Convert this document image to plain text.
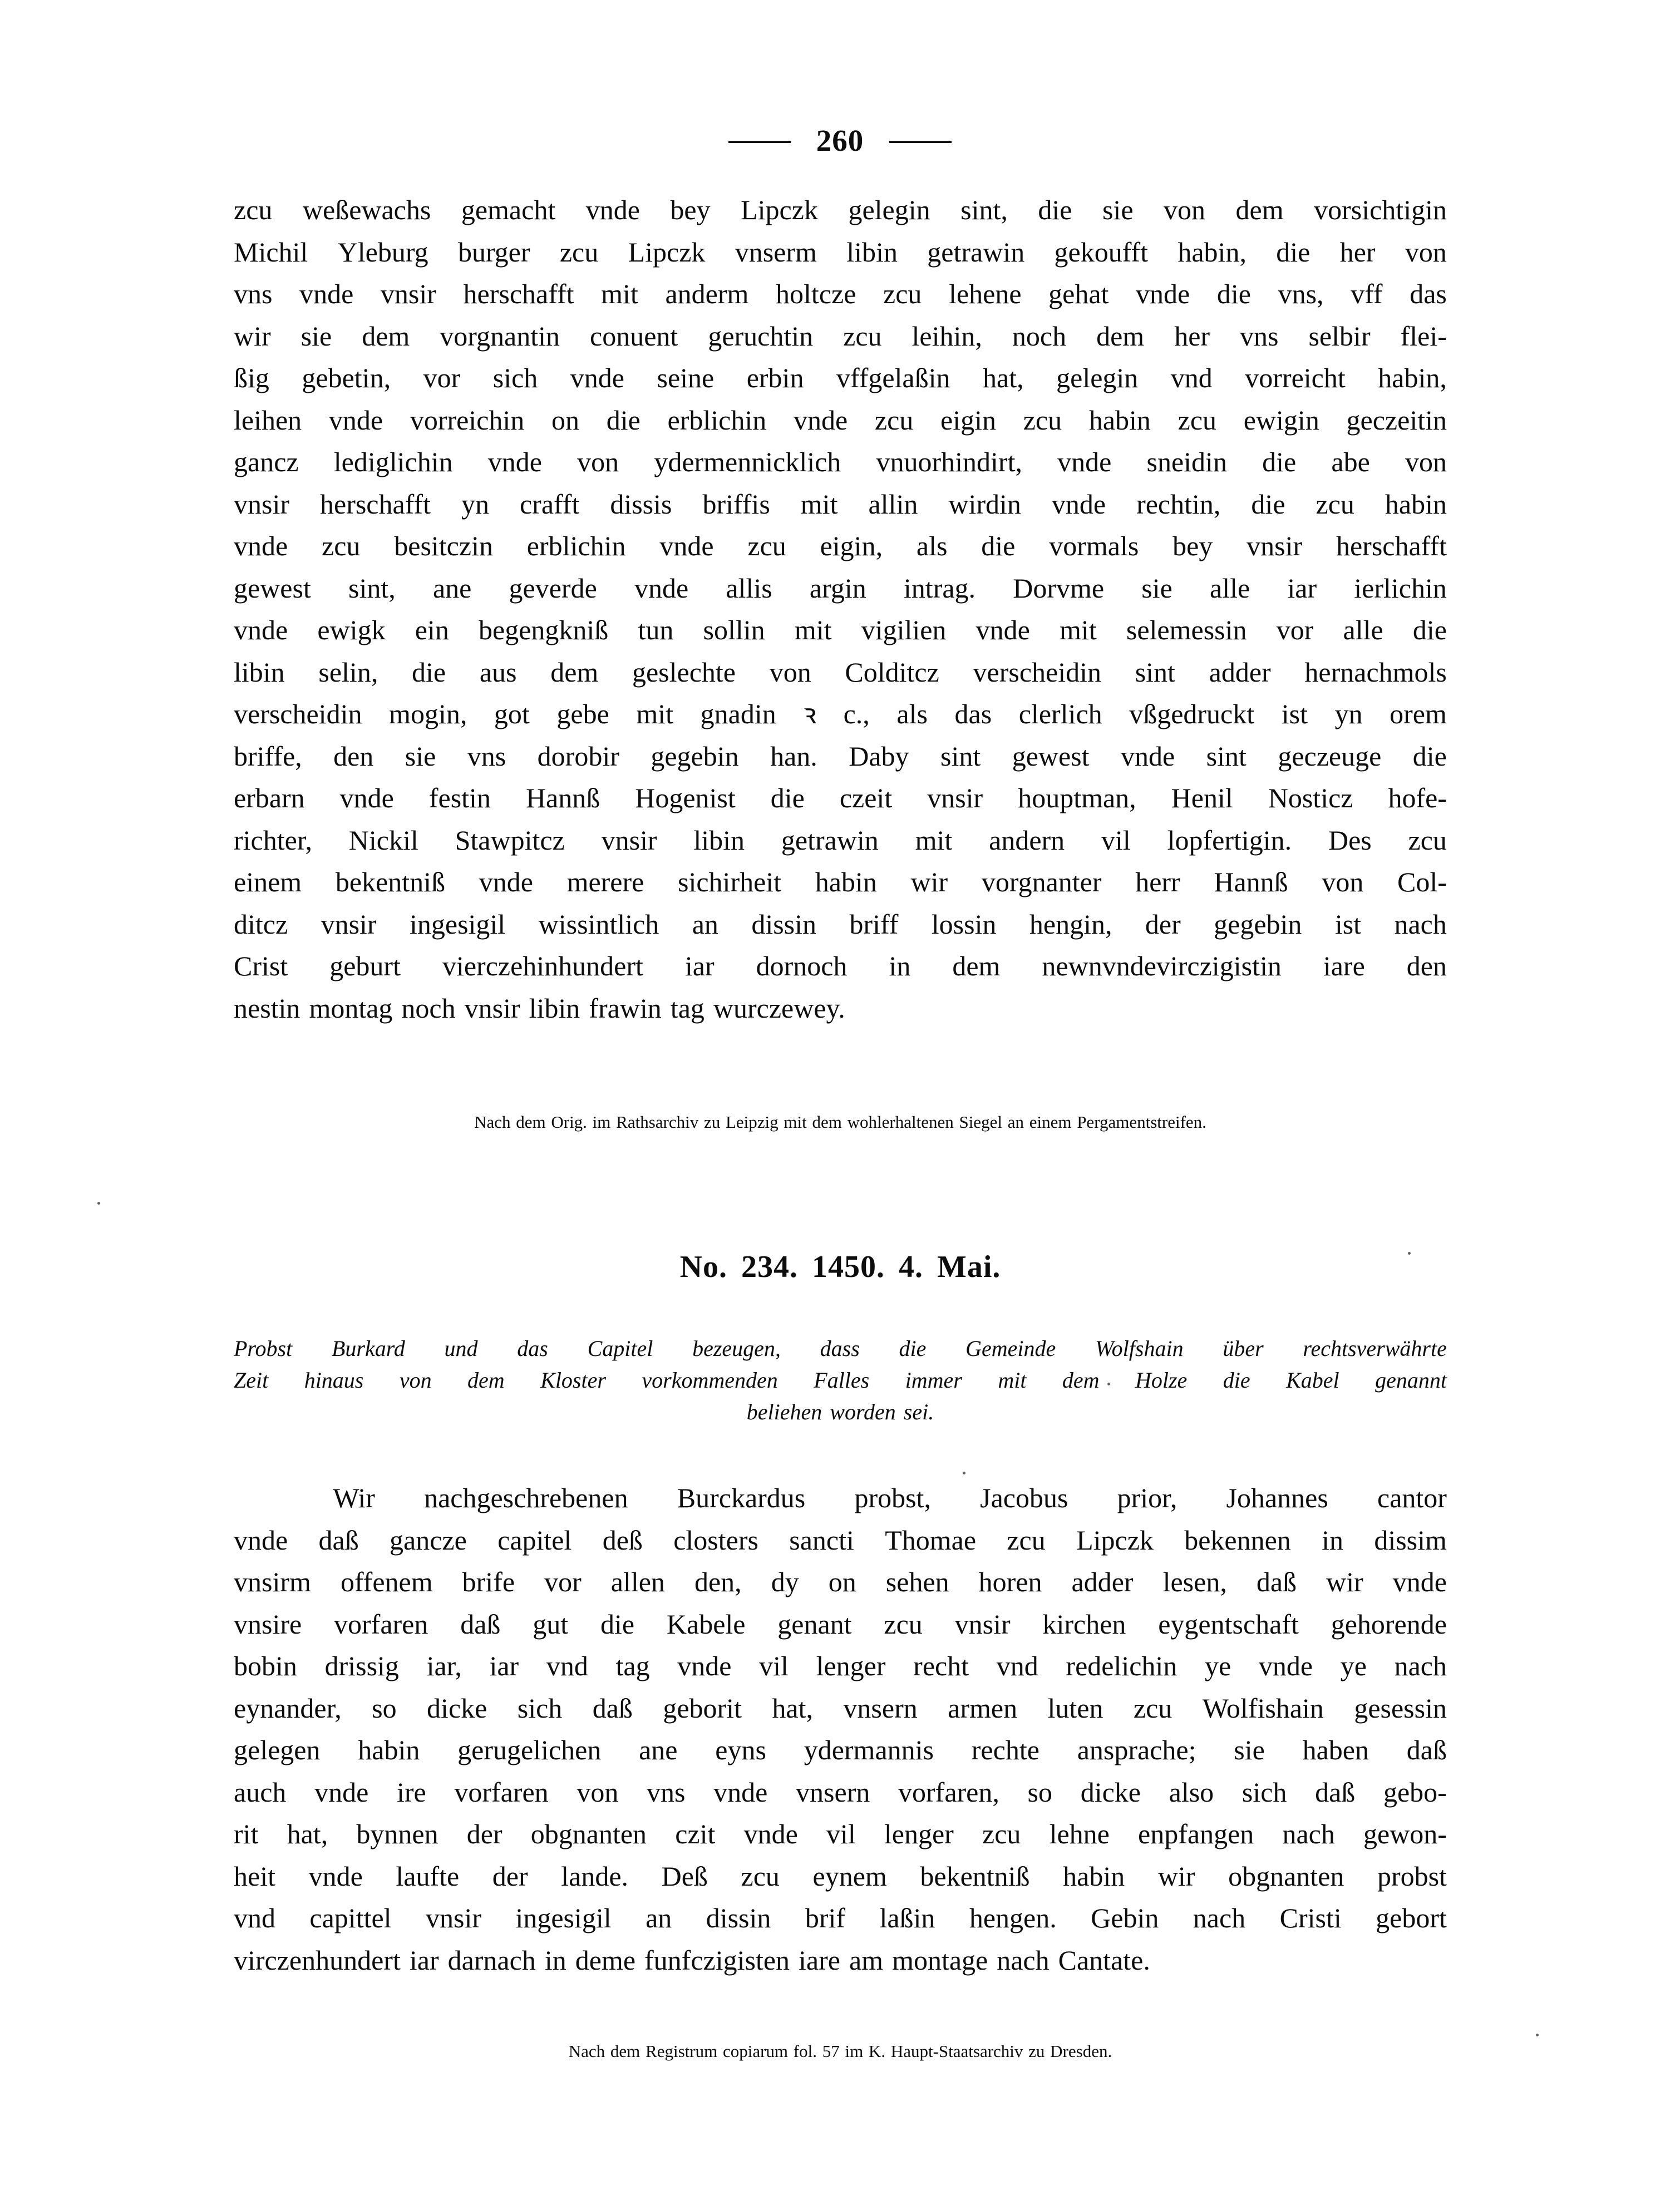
260

zcu weßewachs gemacht vnde bey Lipczk gelegin sint, die sie von dem vorsichtigin
Michil Yleburg burger zcu Lipczk vnserm libin getrawin gekoufft habin, die her von
vns vnde vnsir herschafft mit anderm holtcze zcu lehene gehat vnde die vns, vff das
wir sie dem vorgnantin conuent geruchtin zcu leihin, noch dem her vns selbir flei-
ßig gebetin, vor sich vnde seine erbin vffgelaßin hat, gelegin vnd vorreicht habin,
leihen vnde vorreichin on die erblichin vnde zcu eigin zcu habin zcu ewigin geczeitin
gancz lediglichin vnde von ydermennicklich vnuorhindirt, vnde sneidin die abe von
vnsir herschafft yn crafft dissis briffis mit allin wirdin vnde rechtin, die zcu habin
vnde zcu besitczin erblichin vnde zcu eigin, als die vormals bey vnsir herschafft
gewest sint, ane geverde vnde allis argin intrag. Dorvme sie alle iar ierlichin
vnde ewigk ein begengkniß tun sollin mit vigilien vnde mit selemessin vor alle die
libin selin, die aus dem geslechte von Colditcz verscheidin sint adder hernachmols
verscheidin mogin, got gebe mit gnadin ꝛ c., als das clerlich vßgedruckt ist yn orem
briffe, den sie vns dorobir gegebin han. Daby sint gewest vnde sint geczeuge die
erbarn vnde festin Hannß Hogenist die czeit vnsir houptman, Henil Nosticz hofe-
richter, Nickil Stawpitcz vnsir libin getrawin mit andern vil lopfertigin. Des zcu
einem bekentniß vnde merere sichirheit habin wir vorgnanter herr Hannß von Col-
ditcz vnsir ingesigil wissintlich an dissin briff lossin hengin, der gegebin ist nach
Crist geburt vierczehinhundert iar dornoch in dem newnvndevirczigistin iare den
nestin montag noch vnsir libin frawin tag wurczewey.

Nach dem Orig. im Rathsarchiv zu Leipzig mit dem wohlerhaltenen Siegel an einem Pergamentstreifen.

No. 234. 1450. 4. Mai.

Probst Burkard und das Capitel bezeugen, dass die Gemeinde Wolfshain über rechtsverwährte
Zeit hinaus von dem Kloster vorkommenden Falles immer mit dem Holze die Kabel genannt
beliehen worden sei.

Wir nachgeschrebenen Burckardus probst, Jacobus prior, Johannes cantor
vnde daß gancze capitel deß closters sancti Thomae zcu Lipczk bekennen in dissim
vnsirm offenem brife vor allen den, dy on sehen horen adder lesen, daß wir vnde
vnsire vorfaren daß gut die Kabele genant zcu vnsir kirchen eygentschaft gehorende
bobin drissig iar, iar vnd tag vnde vil lenger recht vnd redelichin ye vnde ye nach
eynander, so dicke sich daß geborit hat, vnsern armen luten zcu Wolfishain gesessin
gelegen habin gerugelichen ane eyns ydermannis rechte ansprache; sie haben daß
auch vnde ire vorfaren von vns vnde vnsern vorfaren, so dicke also sich daß gebo-
rit hat, bynnen der obgnanten czit vnde vil lenger zcu lehne enpfangen nach gewon-
heit vnde laufte der lande. Deß zcu eynem bekentniß habin wir obgnanten probst
vnd capittel vnsir ingesigil an dissin brif laßin hengen. Gebin nach Cristi gebort
virczenhundert iar darnach in deme funfczigisten iare am montage nach Cantate.

Nach dem Registrum copiarum fol. 57 im K. Haupt-Staatsarchiv zu Dresden.
